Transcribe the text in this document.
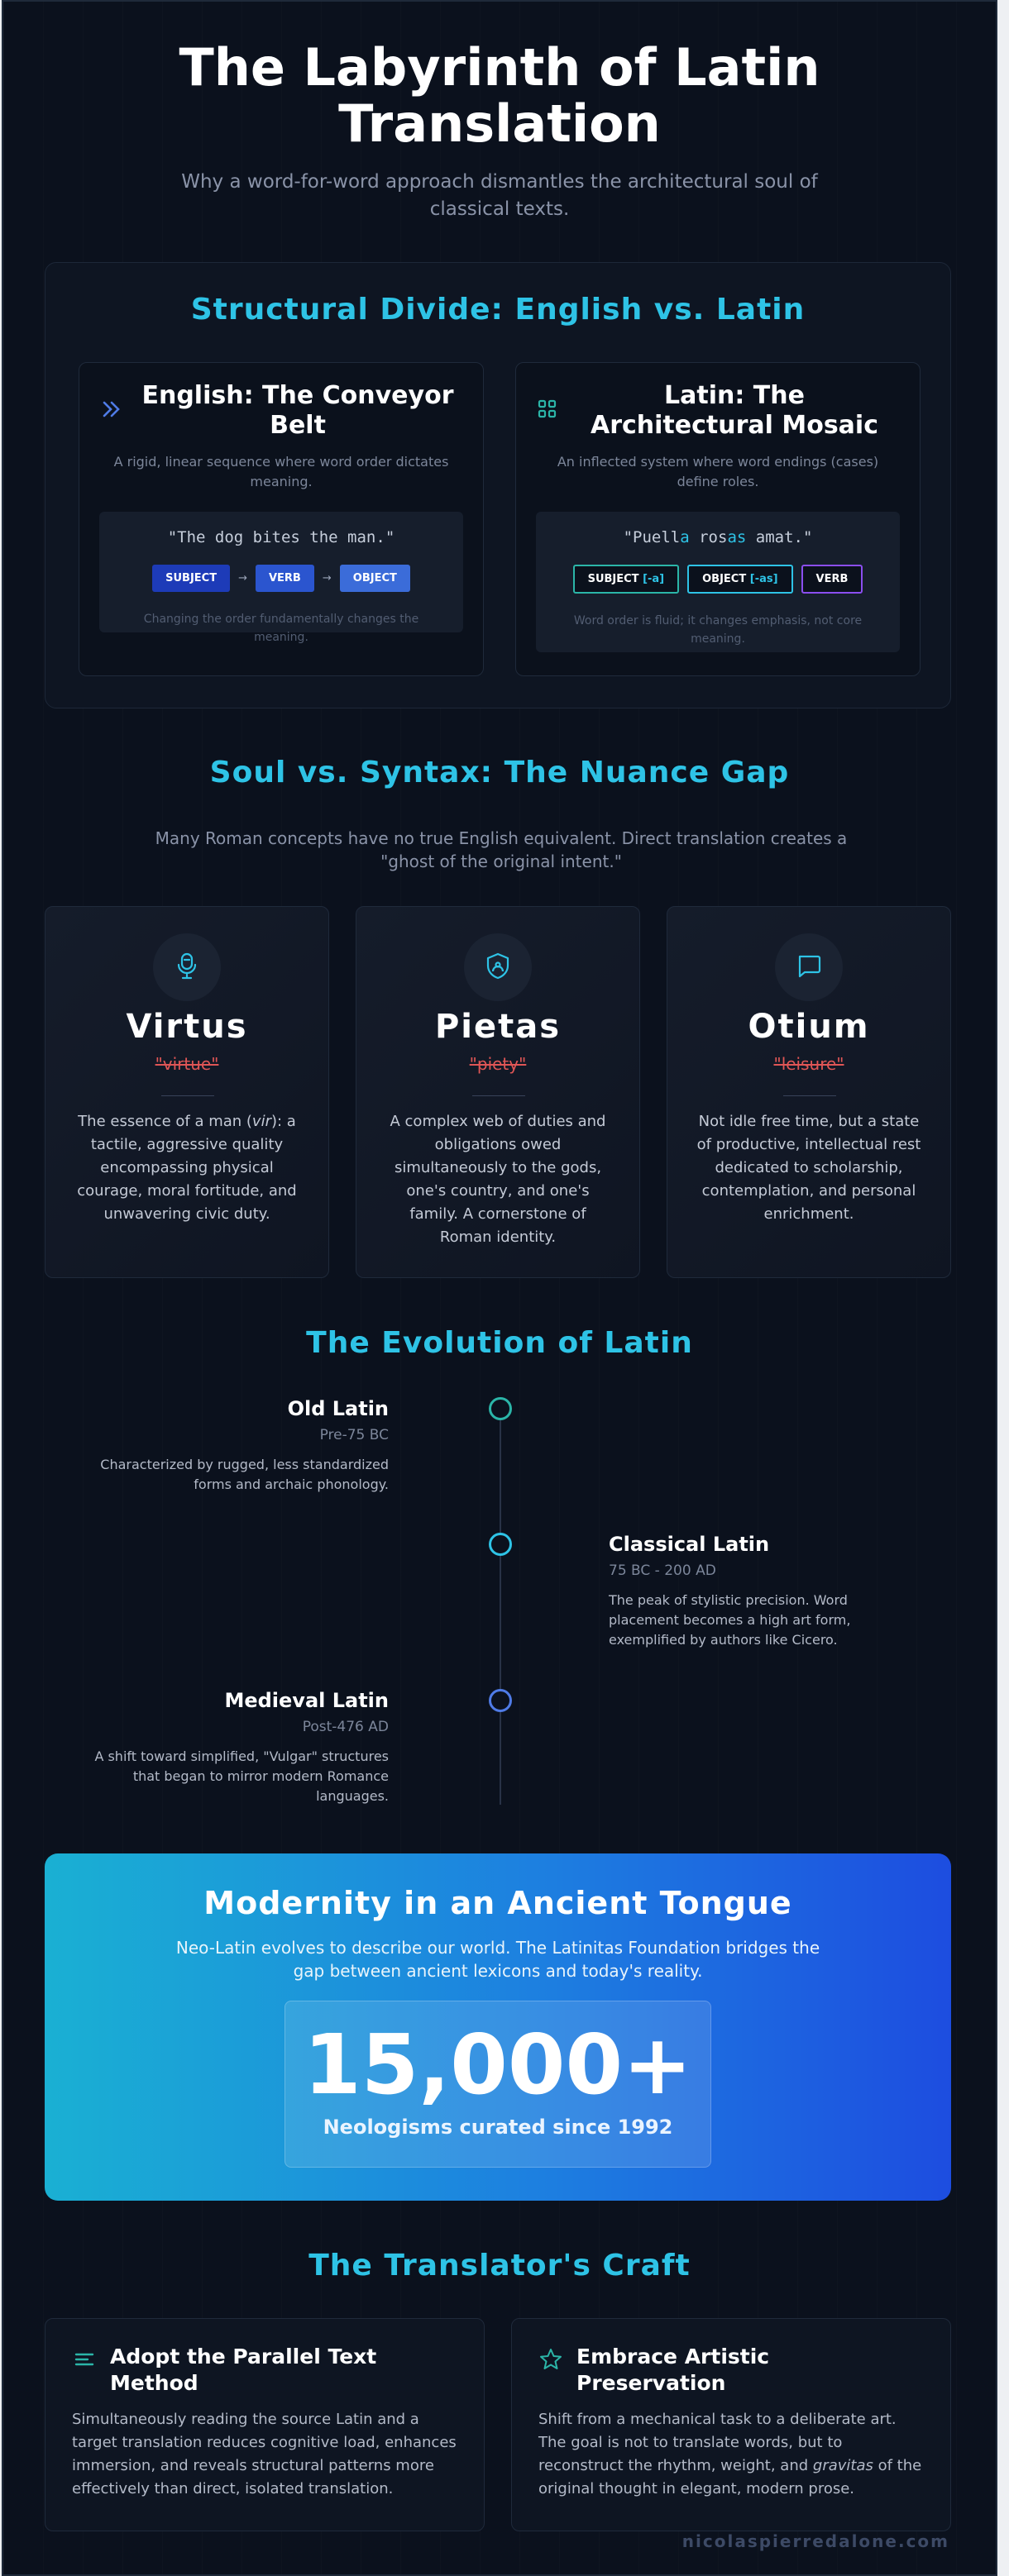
The Labyrinth of Latin Translation

Why a word-for-word approach dismantles the architectural soul of classical texts.

Structural Divide: English vs. Latin
English: The Conveyor Belt

A rigid, linear sequence where word order dictates meaning.

"The dog bites the man."
SUBJECT	→	VERB	→	OBJECT

Changing the order fundamentally changes the meaning.

Latin: The Architectural Mosaic

An inflected system where word endings (cases) define roles.

"Puella rosas amat."
SUBJECT [-a]	OBJECT [-as]	VERB

Word order is fluid; it changes emphasis, not core meaning.

Soul vs. Syntax: The Nuance Gap

Many Roman concepts have no true English equivalent. Direct translation creates a "ghost of the original intent."

Virtus
"virtue"

The essence of a man (vir): a tactile, aggressive quality encompassing physical courage, moral fortitude, and unwavering civic duty.

Pietas
"piety"

A complex web of duties and obligations owed simultaneously to the gods, one's country, and one's family. A cornerstone of Roman identity.

Otium
"leisure"

Not idle free time, but a state of productive, intellectual rest dedicated to scholarship, contemplation, and personal enrichment.

The Evolution of Latin
Old Latin
Pre-75 BC

Characterized by rugged, less standardized forms and archaic phonology.

Classical Latin
75 BC - 200 AD

The peak of stylistic precision. Word placement becomes a high art form, exemplified by authors like Cicero.

Medieval Latin
Post-476 AD

A shift toward simplified, "Vulgar" structures that began to mirror modern Romance languages.

Modernity in an Ancient Tongue

Neo-Latin evolves to describe our world. The Latinitas Foundation bridges the gap between ancient lexicons and today's reality.

15,000+
Neologisms curated since 1992
The Translator's Craft
Adopt the Parallel Text Method

Simultaneously reading the source Latin and a target translation reduces cognitive load, enhances immersion, and reveals structural patterns more effectively than direct, isolated translation.

Embrace Artistic Preservation

Shift from a mechanical task to a deliberate art. The goal is not to translate words, but to reconstruct the rhythm, weight, and gravitas of the original thought in elegant, modern prose.

nicolaspierredalone.com
